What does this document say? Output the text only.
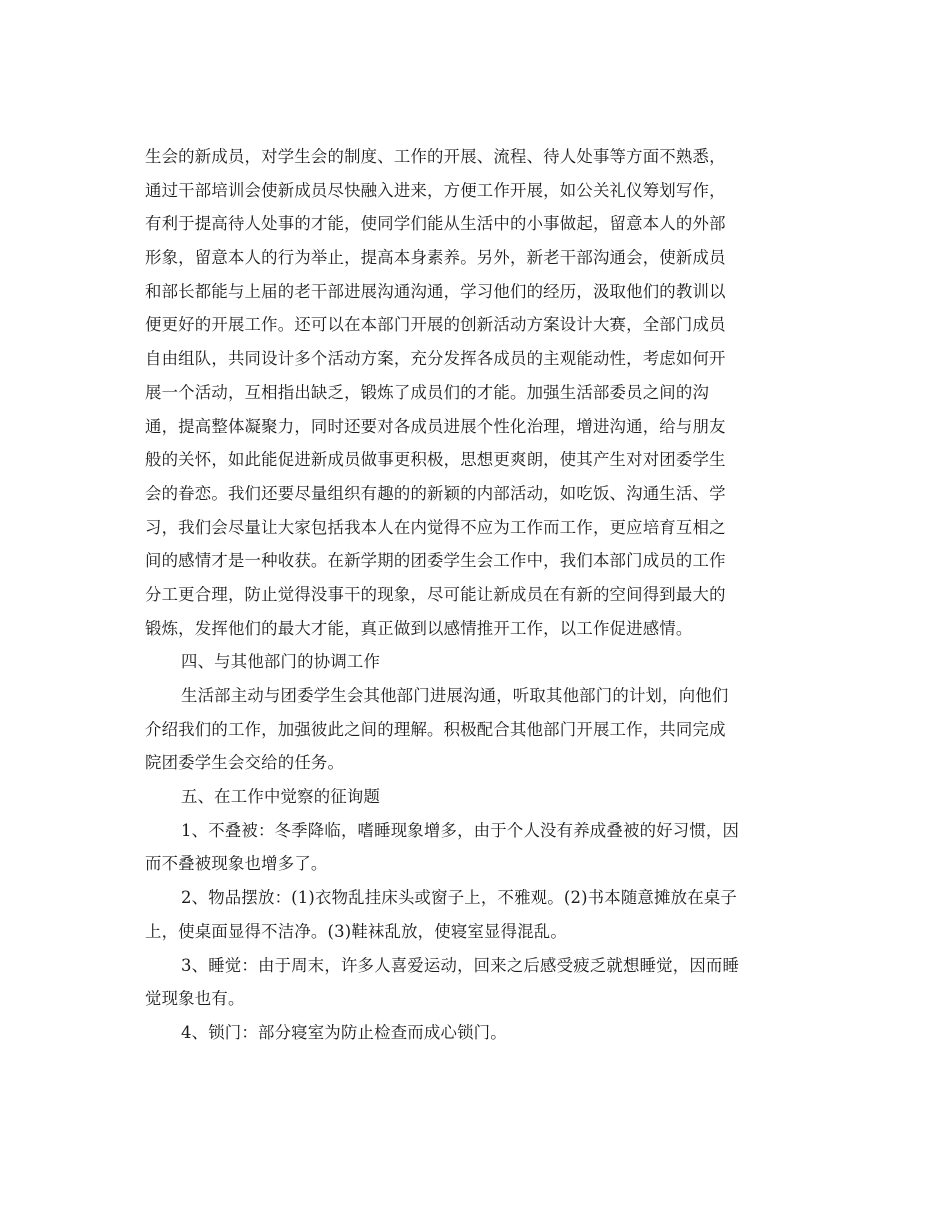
生会的新成员，对学生会的制度、工作的开展、流程、待人处事等方面不熟悉，
通过干部培训会使新成员尽快融入进来，方便工作开展，如公关礼仪筹划写作，
有利于提高待人处事的才能，使同学们能从生活中的小事做起，留意本人的外部
形象，留意本人的行为举止，提高本身素养。另外，新老干部沟通会，使新成员
和部长都能与上届的老干部进展沟通沟通，学习他们的经历，汲取他们的教训以
便更好的开展工作。还可以在本部门开展的创新活动方案设计大赛，全部门成员
自由组队，共同设计多个活动方案，充分发挥各成员的主观能动性，考虑如何开
展一个活动，互相指出缺乏，锻炼了成员们的才能。加强生活部委员之间的沟
通，提高整体凝聚力，同时还要对各成员进展个性化治理，增进沟通，给与朋友
般的关怀，如此能促进新成员做事更积极，思想更爽朗，使其产生对对团委学生
会的眷恋。我们还要尽量组织有趣的的新颖的内部活动，如吃饭、沟通生活、学
习，我们会尽量让大家包括我本人在内觉得不应为工作而工作，更应培育互相之
间的感情才是一种收获。在新学期的团委学生会工作中，我们本部门成员的工作
分工更合理，防止觉得没事干的现象，尽可能让新成员在有新的空间得到最大的
锻炼，发挥他们的最大才能，真正做到以感情推开工作，以工作促进感情。
四、与其他部门的协调工作
生活部主动与团委学生会其他部门进展沟通，听取其他部门的计划，向他们
介绍我们的工作，加强彼此之间的理解。积极配合其他部门开展工作，共同完成
院团委学生会交给的任务。
五、在工作中觉察的征询题
1、不叠被：冬季降临，嗜睡现象增多，由于个人没有养成叠被的好习惯，因
而不叠被现象也增多了。
2、物品摆放：(1)衣物乱挂床头或窗子上，不雅观。(2)书本随意摊放在桌子
上，使桌面显得不洁净。(3)鞋袜乱放，使寝室显得混乱。
3、睡觉：由于周末，许多人喜爱运动，回来之后感受疲乏就想睡觉，因而睡
觉现象也有。
4、锁门：部分寝室为防止检查而成心锁门。
